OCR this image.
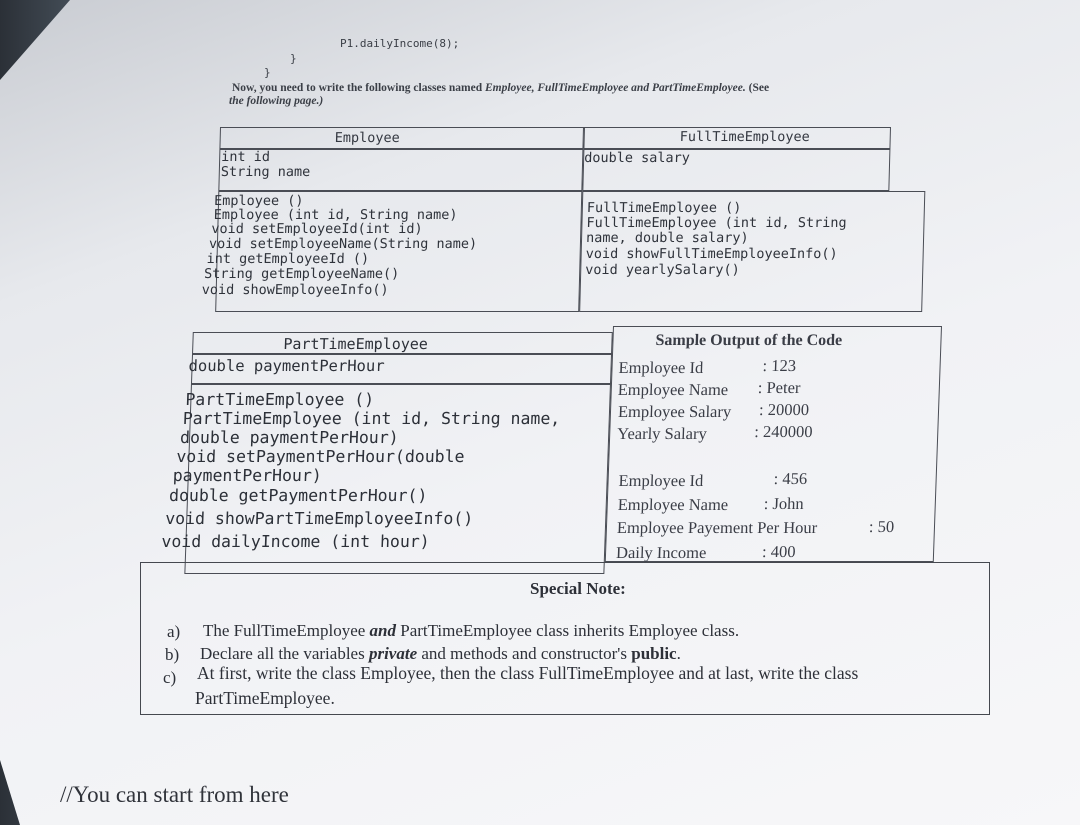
P1.dailyIncome(8);
}
}
Now, you need to write the following classes named Employee, FullTimeEmployee and PartTimeEmployee. (See
the following page.)
Employee	FullTimeEmployee
int id
String name
double salary
Employee ()
Employee (int id, String name)
void setEmployeeId(int id)
void setEmployeeName(String name)
int getEmployeeId ()
String getEmployeeName()
void showEmployeeInfo()
FullTimeEmployee ()
FullTimeEmployee (int id, String
name, double salary)
void showFullTimeEmployeeInfo()
void yearlySalary()
PartTimeEmployee
double paymentPerHour
PartTimeEmployee ()
PartTimeEmployee (int id, String name,
double paymentPerHour)
void setPaymentPerHour(double
paymentPerHour)
double getPaymentPerHour()
void showPartTimeEmployeeInfo()
void dailyIncome (int hour)
Sample Output of the Code
Employee Id	: 123
Employee Name : Peter
Employee Salary : 20000
Yearly Salary	: 240000
Employee Id	: 456
Employee Name : John
Employee Payement Per Hour	: 50
Daily Income	: 400
Special Note:
a) The FullTimeEmployee and PartTimeEmployee class inherits Employee class.
b) Declare all the variables private and methods and constructor's public.
c) At first, write the class Employee, then the class FullTimeEmployee and at last, write the class
PartTimeEmployee.
//You can start from here
